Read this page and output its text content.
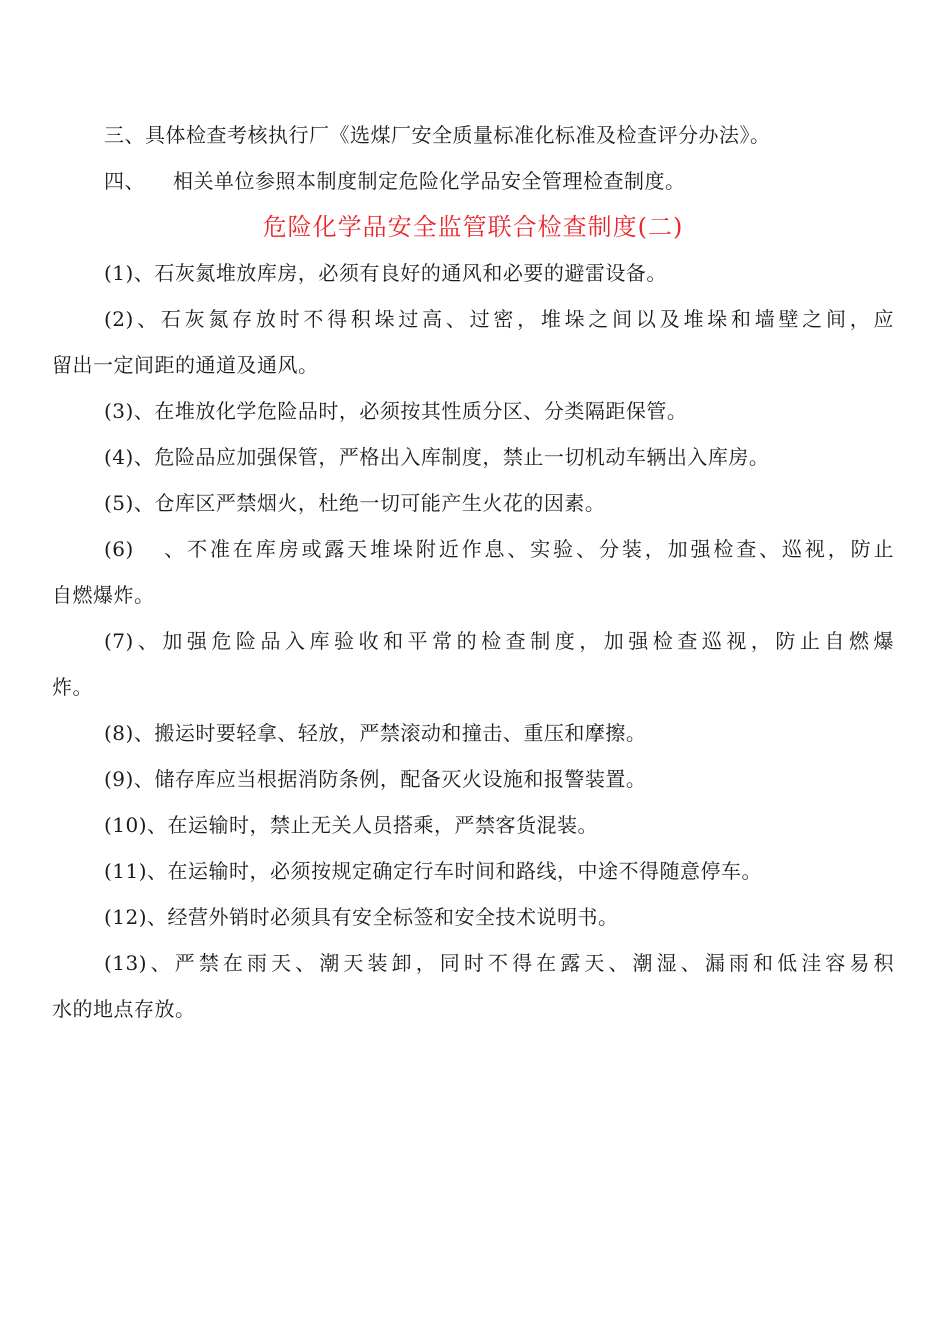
三、具体检查考核执行厂《选煤厂安全质量标准化标准及检查评分办法》。
四、 相关单位参照本制度制定危险化学品安全管理检查制度。
危险化学品安全监管联合检查制度(二)
(1)、石灰氮堆放库房，必须有良好的通风和必要的避雷设备。
(2)、石灰氮存放时不得积垛过高、过密，堆垛之间以及堆垛和墙壁之间，应
留出一定间距的通道及通风。
(3)、在堆放化学危险品时，必须按其性质分区、分类隔距保管。
(4)、危险品应加强保管，严格出入库制度，禁止一切机动车辆出入库房。
(5)、仓库区严禁烟火，杜绝一切可能产生火花的因素。
(6) 、不准在库房或露天堆垛附近作息、实验、分装，加强检查、巡视，防止
自燃爆炸。
(7)、加强危险品入库验收和平常的检查制度，加强检查巡视，防止自燃爆
炸。
(8)、搬运时要轻拿、轻放，严禁滚动和撞击、重压和摩擦。
(9)、储存库应当根据消防条例，配备灭火设施和报警装置。
(10)、在运输时，禁止无关人员搭乘，严禁客货混装。
(11)、在运输时，必须按规定确定行车时间和路线，中途不得随意停车。
(12)、经营外销时必须具有安全标签和安全技术说明书。
(13)、严禁在雨天、潮天装卸，同时不得在露天、潮湿、漏雨和低洼容易积
水的地点存放。
